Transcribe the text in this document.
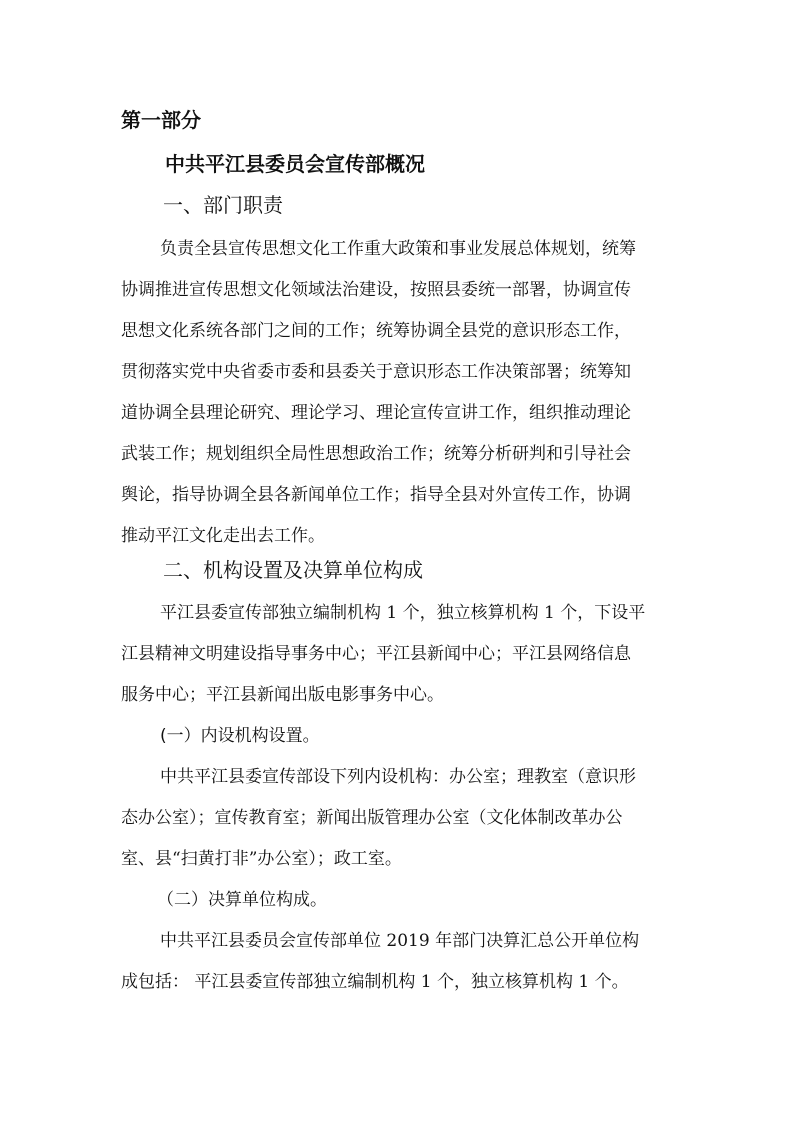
第一部分

中共平江县委员会宣传部概况

一、部门职责

负责全县宣传思想文化工作重大政策和事业发展总体规划，统筹

协调推进宣传思想文化领域法治建设，按照县委统一部署，协调宣传

思想文化系统各部门之间的工作；统筹协调全县党的意识形态工作，

贯彻落实党中央省委市委和县委关于意识形态工作决策部署；统筹知

道协调全县理论研究、理论学习、理论宣传宣讲工作，组织推动理论

武装工作；规划组织全局性思想政治工作；统筹分析研判和引导社会

舆论，指导协调全县各新闻单位工作；指导全县对外宣传工作，协调

推动平江文化走出去工作。

二、机构设置及决算单位构成

平江县委宣传部独立编制机构 1 个，独立核算机构 1 个，下设平

江县精神文明建设指导事务中心；平江县新闻中心；平江县网络信息

服务中心；平江县新闻出版电影事务中心。

(一）内设机构设置。

中共平江县委宣传部设下列内设机构：办公室；理教室（意识形

态办公室）；宣传教育室；新闻出版管理办公室（文化体制改革办公

室、县“扫黄打非”办公室）；政工室。

（二）决算单位构成。

中共平江县委员会宣传部单位 2019 年部门决算汇总公开单位构

成包括： 平江县委宣传部独立编制机构 1 个，独立核算机构 1 个。
